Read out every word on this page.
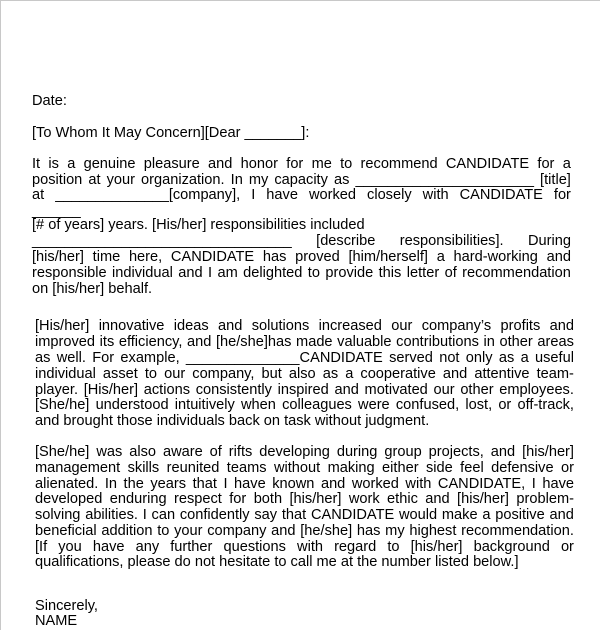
Date:
[To Whom It May Concern][Dear _______]:
It is a genuine pleasure and honor for me to recommend CANDIDATE for a
position at your organization. In my capacity as ______________________ [title]
at ______________[company], I have worked closely with CANDIDATE for
______
[# of years] years. [His/her] responsibilities included
________________________________ [describe responsibilities]. During
[his/her] time here, CANDIDATE has proved [him/herself] a hard-working and
responsible individual and I am delighted to provide this letter of recommendation
on [his/her] behalf.
[His/her] innovative ideas and solutions increased our company’s profits and
improved its efficiency, and [he/she]has made valuable contributions in other areas
as well. For example, ______________CANDIDATE served not only as a useful
individual asset to our company, but also as a cooperative and attentive team-
player. [His/her] actions consistently inspired and motivated our other employees.
[She/he] understood intuitively when colleagues were confused, lost, or off-track,
and brought those individuals back on task without judgment.
[She/he] was also aware of rifts developing during group projects, and [his/her]
management skills reunited teams without making either side feel defensive or
alienated. In the years that I have known and worked with CANDIDATE, I have
developed enduring respect for both [his/her] work ethic and [his/her] problem-
solving abilities. I can confidently say that CANDIDATE would make a positive and
beneficial addition to your company and [he/she] has my highest recommendation.
[If you have any further questions with regard to [his/her] background or
qualifications, please do not hesitate to call me at the number listed below.]
Sincerely,
NAME
